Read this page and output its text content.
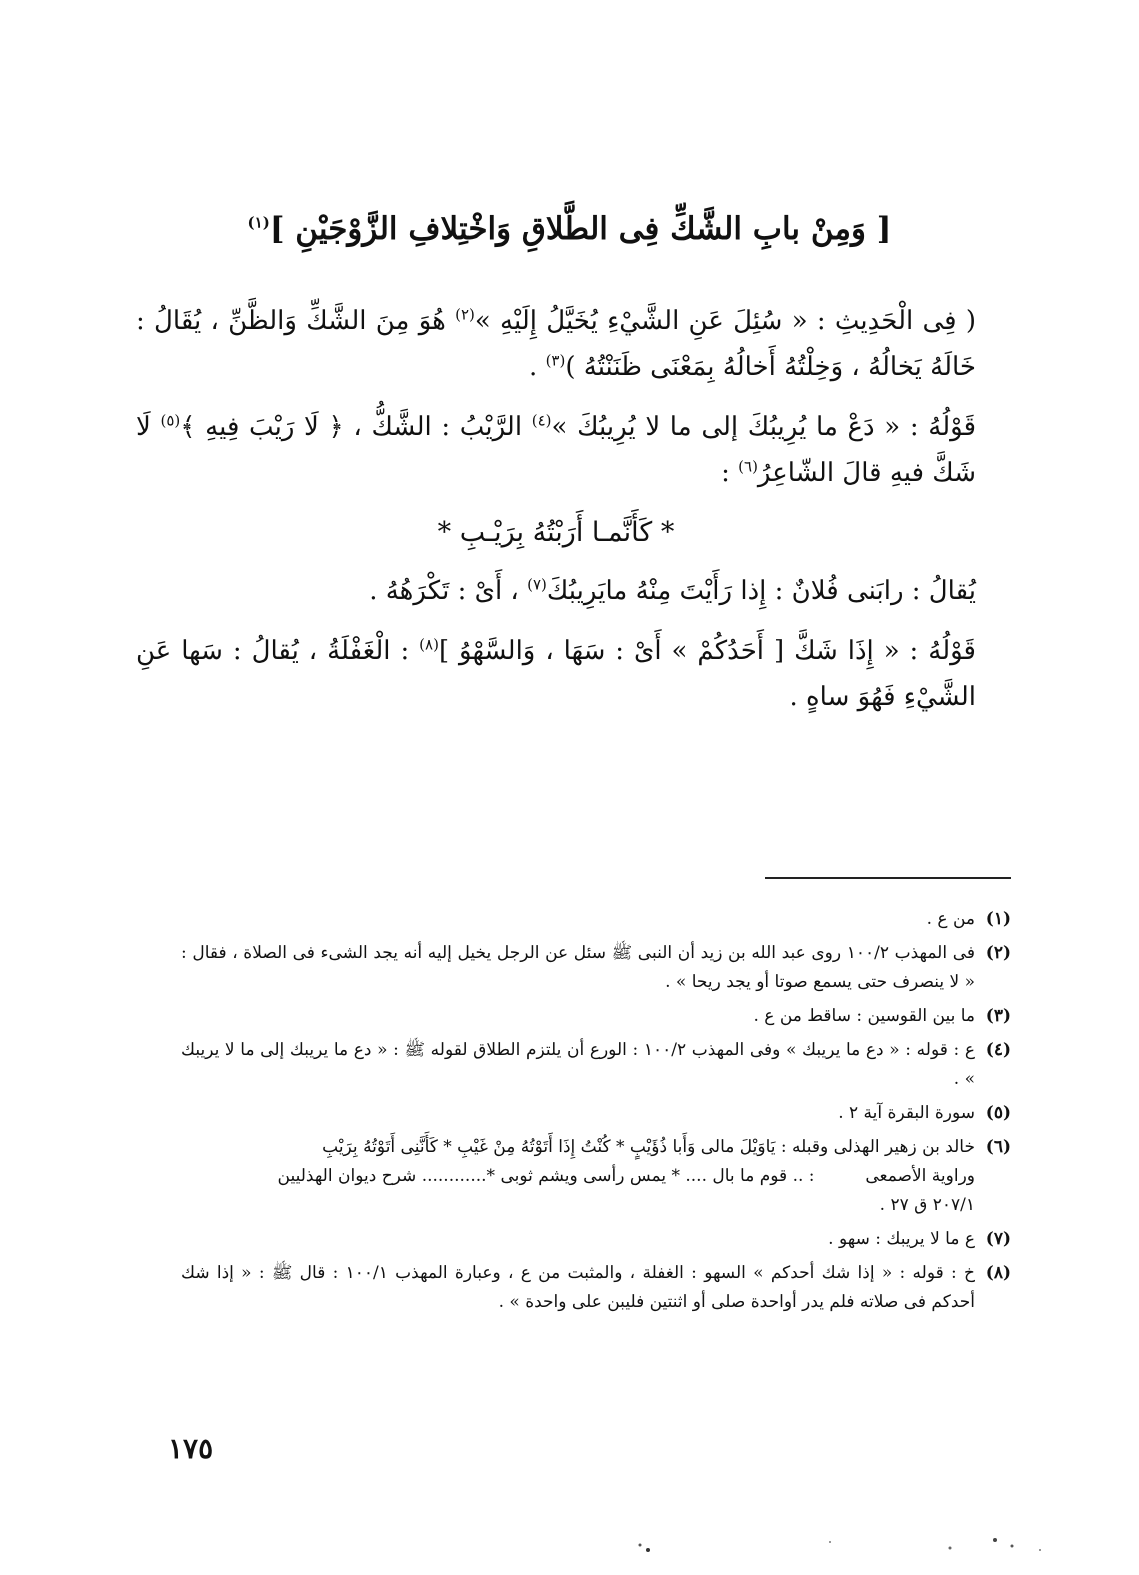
[ وَمِنْ بابِ الشَّكِّ فِى الطَّلاقِ وَاخْتِلافِ الزَّوْجَيْنِ ]$^{(١)}$

( فِى الْحَدِيثِ : « سُئِلَ عَنِ الشَّيْءِ يُخَيَّلُ إِلَيْهِ »$^{(٢)}$ هُوَ مِنَ الشَّكِّ وَالظَّنِّ ، يُقَالُ : خَالَهُ يَخالُهُ ، وَخِلْتُهُ أَخالُهُ بِمَعْنَى ظَنَنْتُهُ )$^{(٣)}$ .

قَوْلُهُ : « دَعْ ما يُرِيبُكَ إلى ما لا يُرِيبُكَ »$^{(٤)}$ الرَّيْبُ : الشَّكُّ ، ﴿ لَا رَيْبَ فِيهِ ﴾$^{(٥)}$ لَا شَكَّ فيهِ قالَ الشّاعِرُ$^{(٦)}$ :

* كَأَنَّمـا أَرَبْتُهُ بِرَيْـبِ *

يُقالُ : رابَنى فُلانٌ : إِذا رَأَيْتَ مِنْهُ مايَرِيبُكَ$^{(٧)}$ ، أَىْ : تَكْرَهُهُ .

قَوْلُهُ : « إِذَا شَكَّ [ أَحَدُكُمْ » أَىْ : سَهَا ، وَالسَّهْوُ ]$^{(٨)}$ : الْغَفْلَةُ ، يُقالُ : سَها عَنِ الشَّيْءِ فَهُوَ ساهٍ .

(١)
من ع .
(٢)
فى المهذب ١٠٠/٢ روى عبد الله بن زيد أن النبى ﷺ سئل عن الرجل يخيل إليه أنه يجد الشىء فى الصلاة ، فقال : « لا ينصرف حتى يسمع صوتا أو يجد ريحا » .
(٣)
ما بين القوسين : ساقط من ع .
(٤)
ع : قوله : « دع ما يريبك » وفى المهذب ١٠٠/٢ : الورع أن يلتزم الطلاق لقوله ﷺ : « دع ما يريبك إلى ما لا يريبك » .
(٥)
سورة البقرة آية ٢ .
(٦)
خالد بن زهير الهذلى وقبله : يَاوَيْلَ مالى وَأَبا ذُؤَيْبٍ * كُنْتُ إِذَا أَتَوْتُهُ مِنْ غَيْبِ * كَأَنَّنِى أَتَوْتُهُ بِرَيْبِ
وراوية الأصمعى  : .. قوم ما بال .... * يمس رأسى ويشم ثوبى *............ شرح ديوان الهذليين
٢٠٧/١ ق ٢٧ .
(٧)
ع ما لا يريبك : سهو .
(٨)
خ : قوله : « إذا شك أحدكم » السهو : الغفلة ، والمثبت من ع ، وعبارة المهذب ١٠٠/١ : قال ﷺ : « إذا شك أحدكم فى صلاته فلم يدر أواحدة صلى أو اثنتين فليبن على واحدة » .
١٧٥
